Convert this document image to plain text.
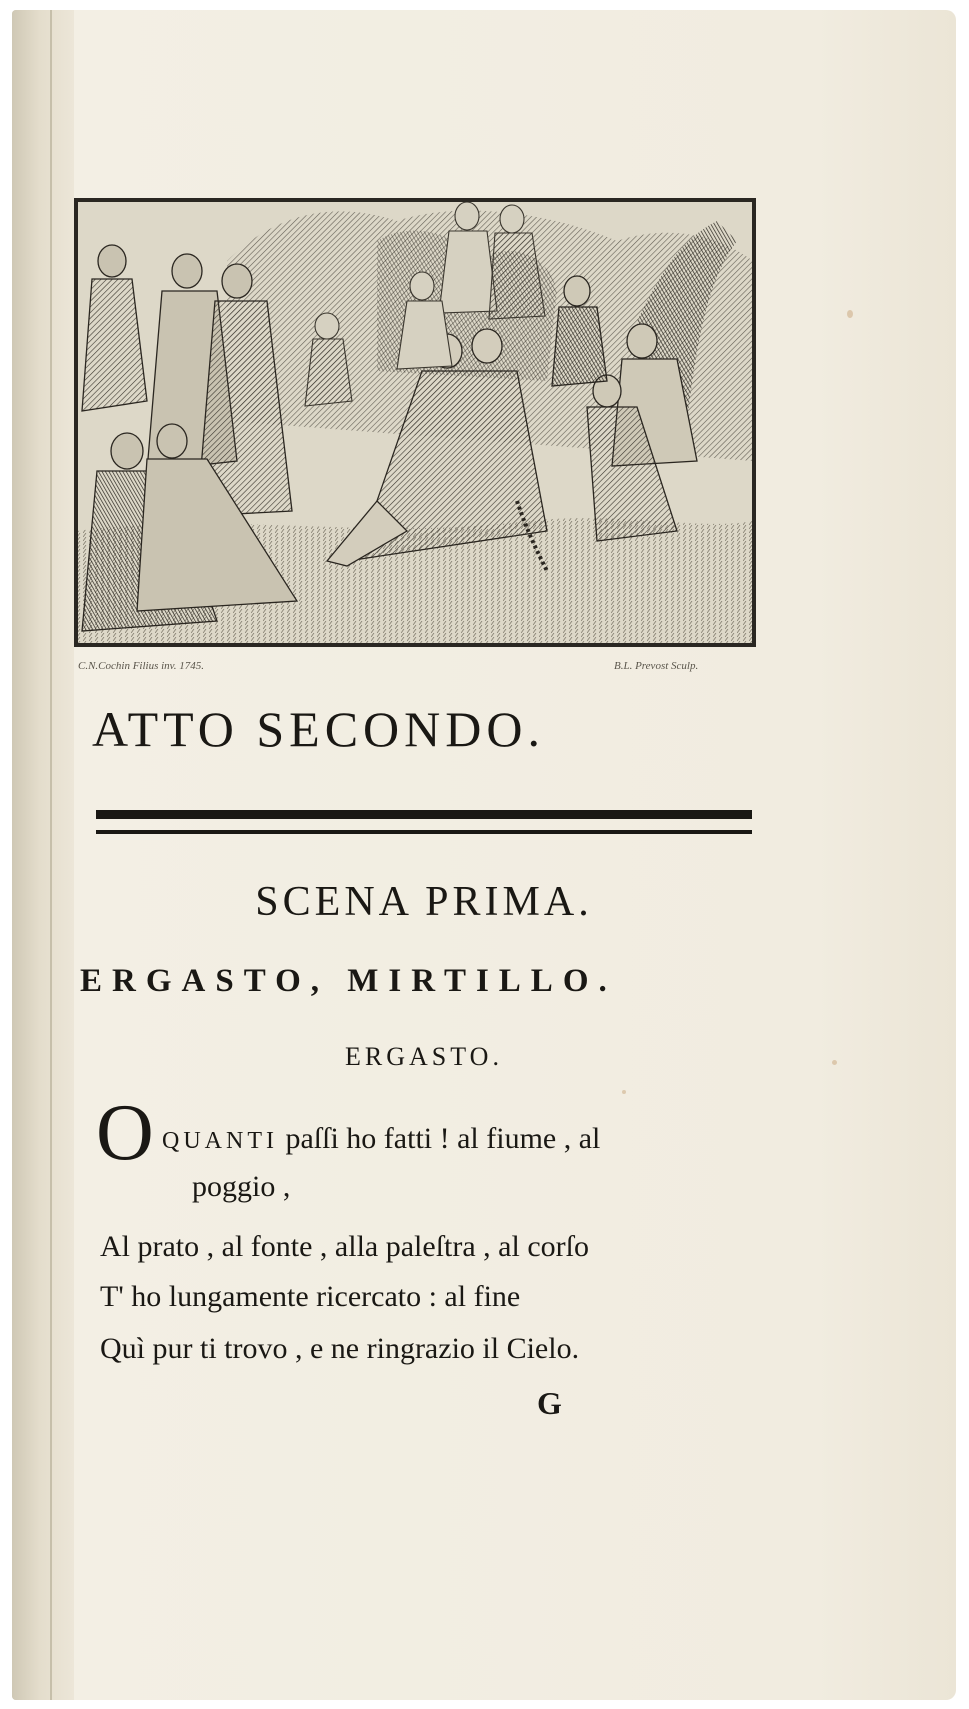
C.N.Cochin Filius inv. 1745.	B.L. Prevost Sculp.
ATTO SECONDO.
SCENA PRIMA.
ERGASTO, MIRTILLO.
ERGASTO.
O QUANTI paſſi ho fatti ! al fiume , al
poggio ,
Al prato , al fonte , alla paleſtra , al corſo
T' ho lungamente ricercato : al fine
Quì pur ti trovo , e ne ringrazio il Cielo.
G
